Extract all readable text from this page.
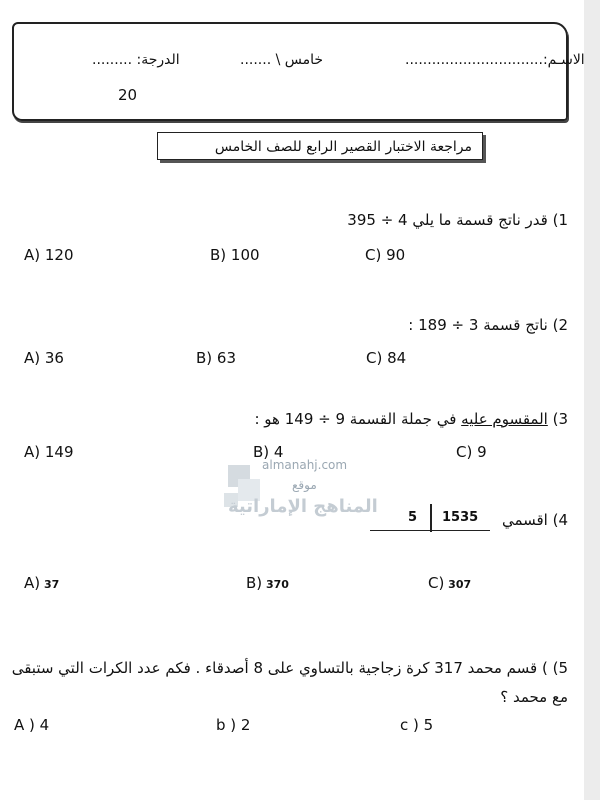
الاسـم:...............................
خامس \ .......
الدرجة: .........
20
مراجعة الاختبار القصير الرابع للصف الخامس
1) قدر ناتج قسمة ما يلي 4 ÷ 395
A) 120	B) 100	C) 90
2) ناتج قسمة 3 ÷ 189 :
A) 36	B) 63	C) 84
3) المقسوم عليه في جملة القسمة 9 ÷ 149 هو :
A) 149	B) 4	C) 9
almanahj.com
موقع
المناهج الإماراتية
4) اقسمي
1535
5
A) 37	B) 370	C) 307
5) ) قسم محمد 317 كرة زجاجية بالتساوي على 8 أصدقاء . فكم عدد الكرات التي ستبقى
مع محمد ؟
A ) 4	b ) 2	c ) 5
